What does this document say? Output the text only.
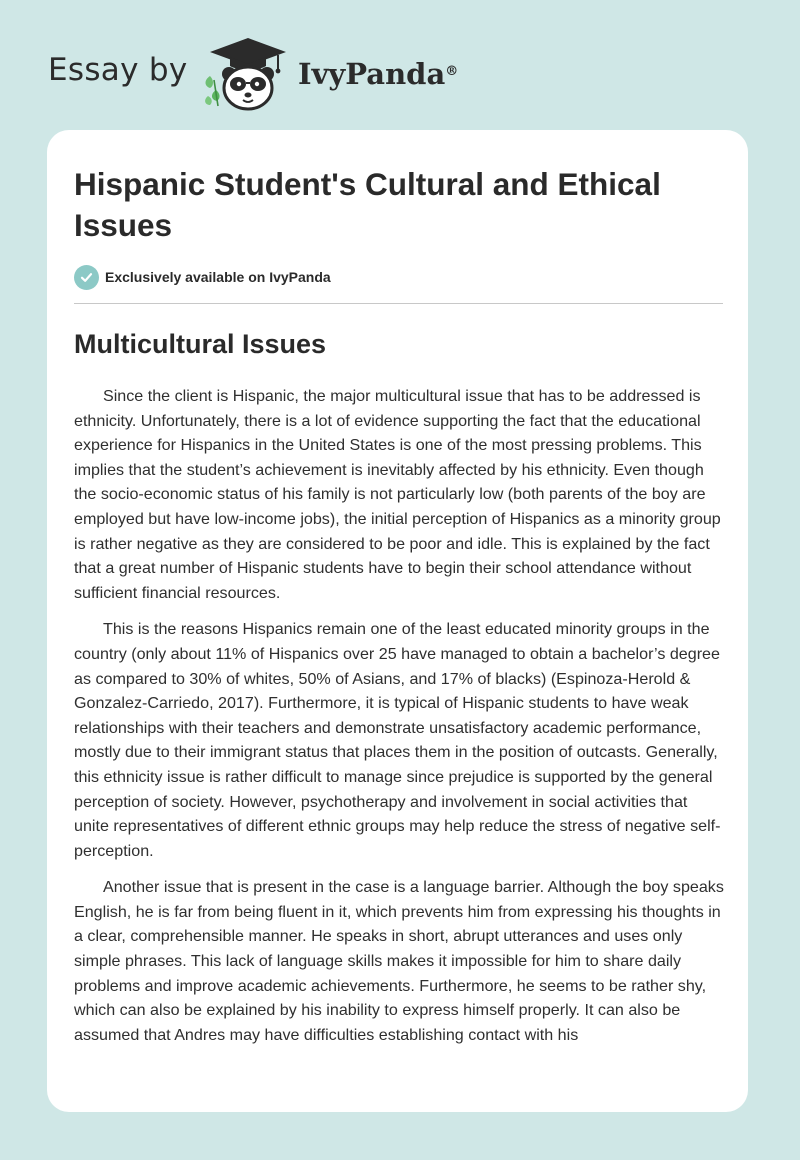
Essay by	IvyPanda®
Hispanic Student's Cultural and Ethical Issues
Exclusively available on IvyPanda
Multicultural Issues

Since the client is Hispanic, the major multicultural issue that has to be addressed is ethnicity. Unfortunately, there is a lot of evidence supporting the fact that the educational experience for Hispanics in the United States is one of the most pressing problems. This implies that the student’s achievement is inevitably affected by his ethnicity. Even though the socio-economic status of his family is not particularly low (both parents of the boy are employed but have low-income jobs), the initial perception of Hispanics as a minority group is rather negative as they are considered to be poor and idle. This is explained by the fact that a great number of Hispanic students have to begin their school attendance without sufficient financial resources.

This is the reasons Hispanics remain one of the least educated minority groups in the country (only about 11% of Hispanics over 25 have managed to obtain a bachelor’s degree as compared to 30% of whites, 50% of Asians, and 17% of blacks) (Espinoza-Herold & Gonzalez-Carriedo, 2017). Furthermore, it is typical of Hispanic students to have weak relationships with their teachers and demonstrate unsatisfactory academic performance, mostly due to their immigrant status that places them in the position of outcasts. Generally, this ethnicity issue is rather difficult to manage since prejudice is supported by the general perception of society. However, psychotherapy and involvement in social activities that unite representatives of different ethnic groups may help reduce the stress of negative self-perception.

Another issue that is present in the case is a language barrier. Although the boy speaks English, he is far from being fluent in it, which prevents him from expressing his thoughts in a clear, comprehensible manner. He speaks in short, abrupt utterances and uses only simple phrases. This lack of language skills makes it impossible for him to share daily problems and improve academic achievements. Furthermore, he seems to be rather shy, which can also be explained by his inability to express himself properly. It can also be assumed that Andres may have difficulties establishing contact with his
